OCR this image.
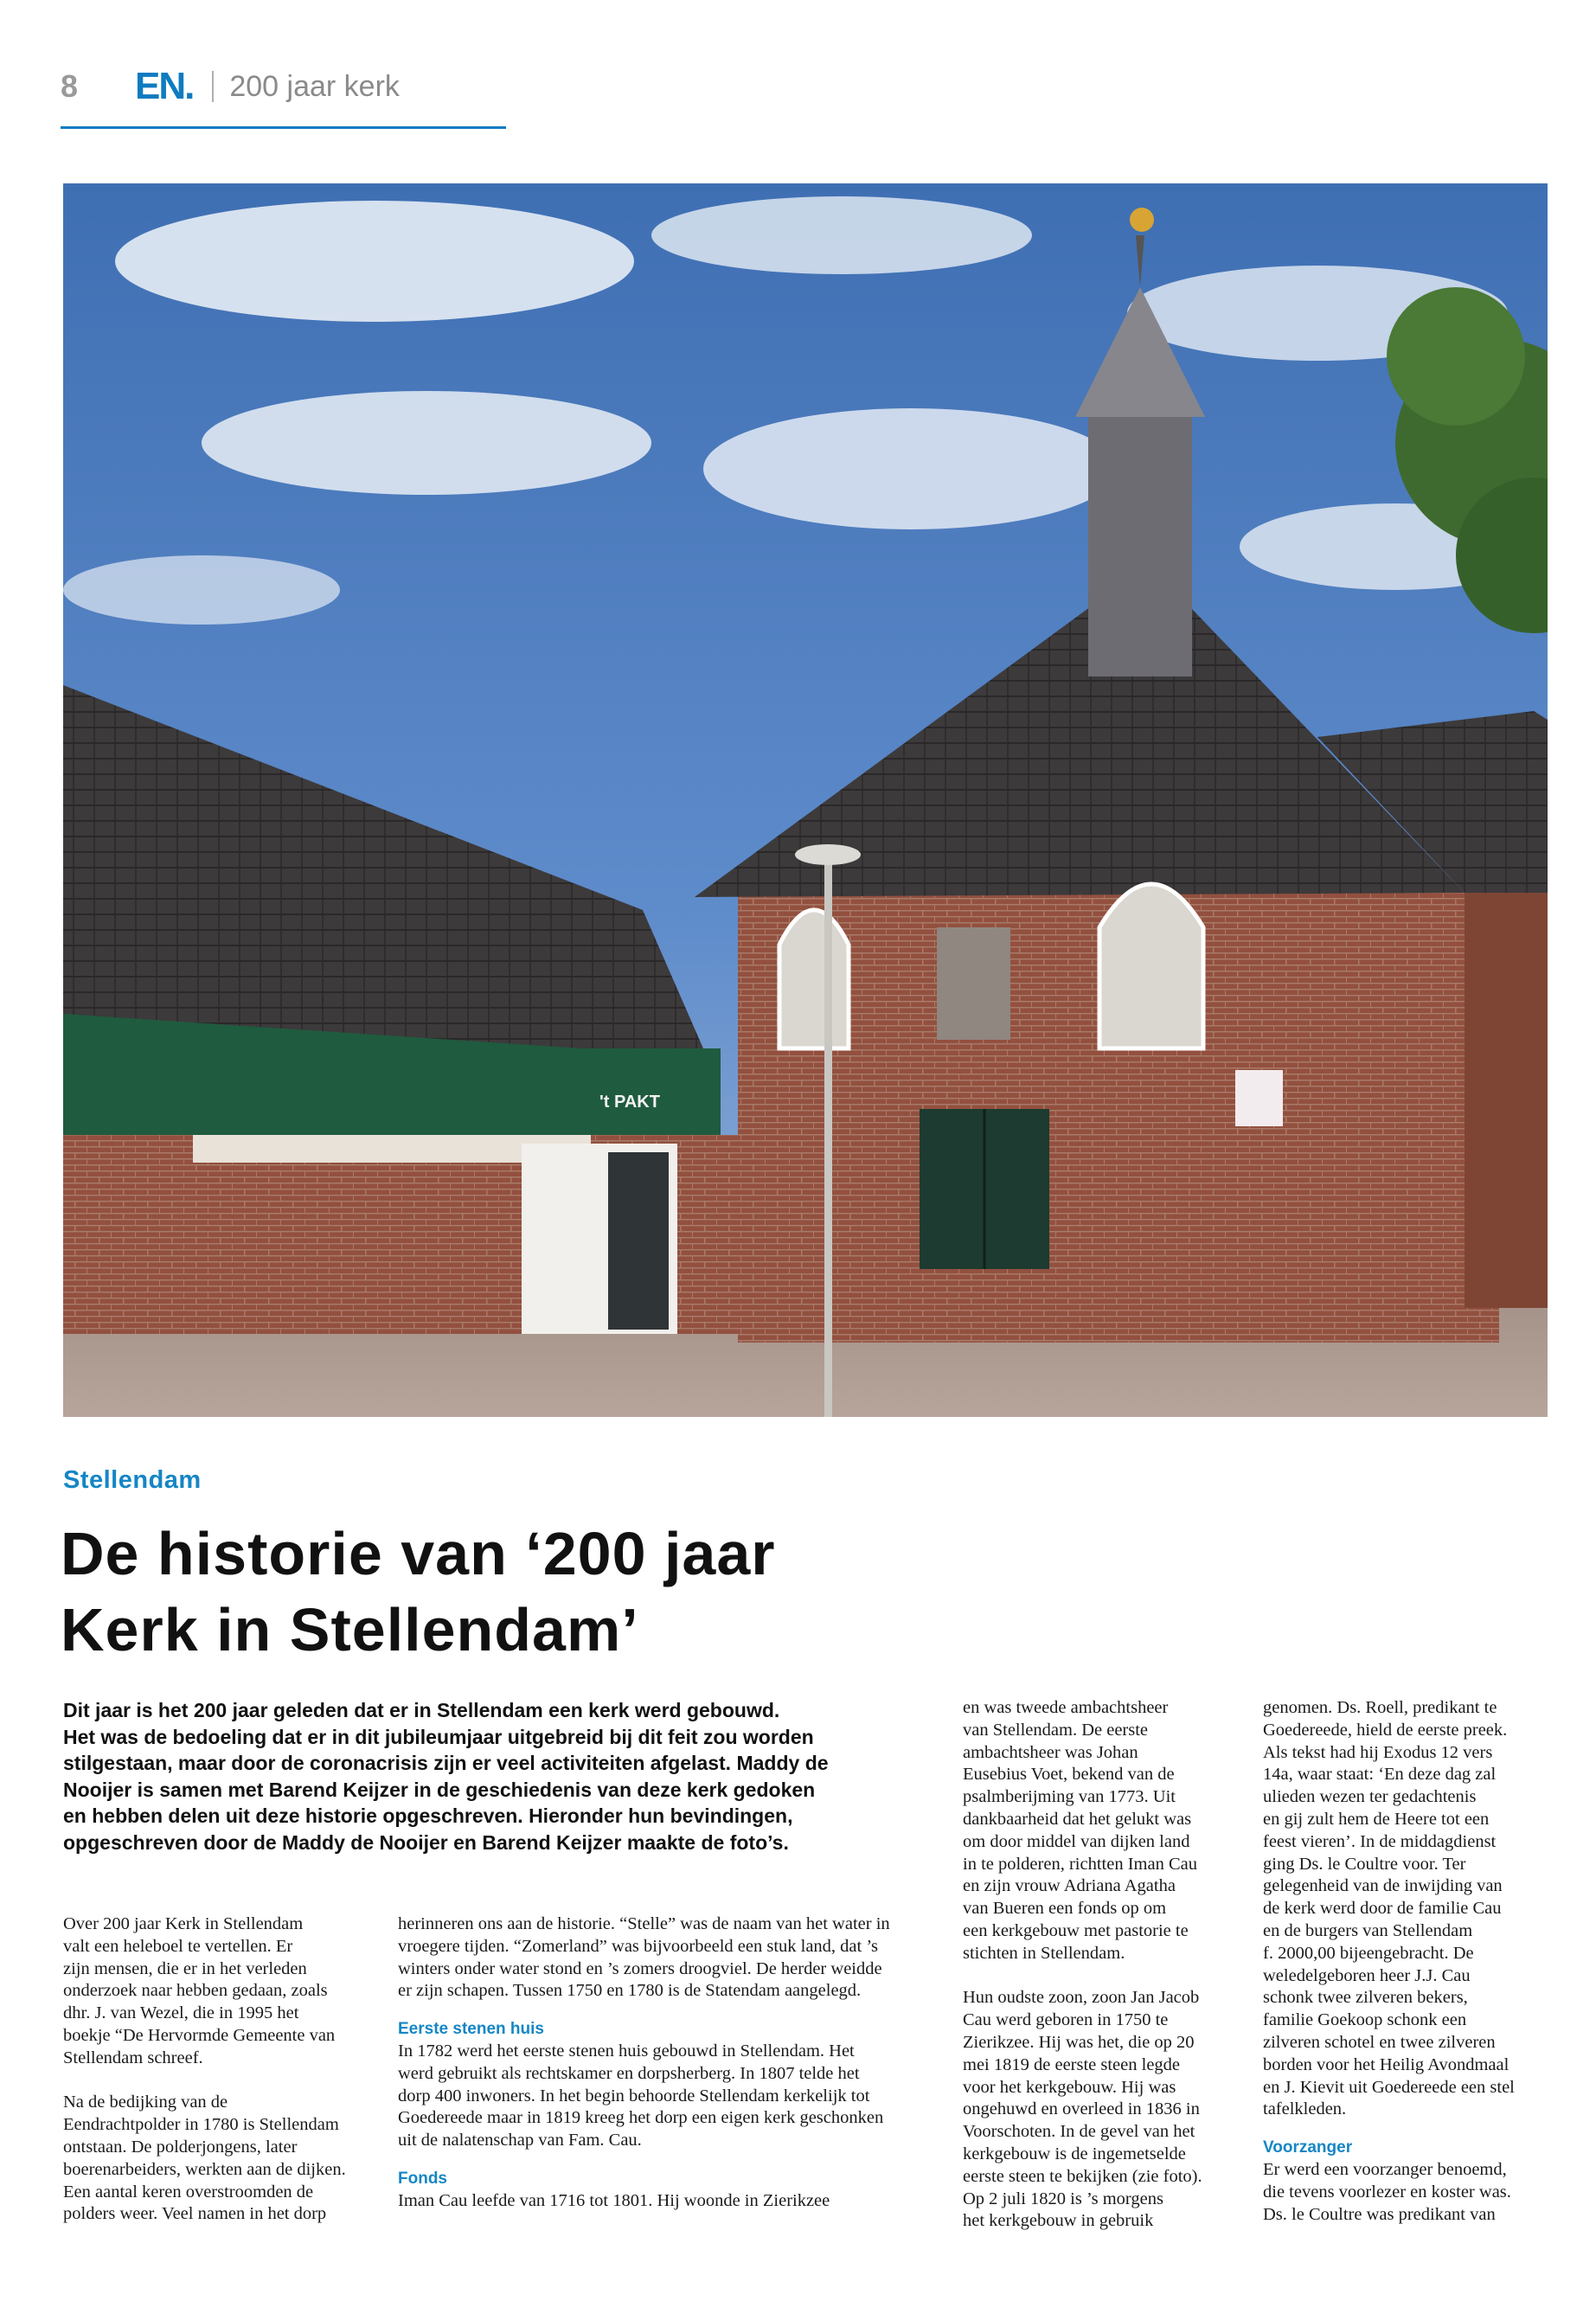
8	EN. 200 jaar kerk
't PAKT
Stellendam
De historie van ‘200 jaar
Kerk in Stellendam’

Dit jaar is het 200 jaar geleden dat er in Stellendam een kerk werd gebouwd.
Het was de bedoeling dat er in dit jubileumjaar uitgebreid bij dit feit zou worden
stilgestaan, maar door de coronacrisis zijn er veel activiteiten afgelast. Maddy de
Nooijer is samen met Barend Keijzer in de geschiedenis van deze kerk gedoken
en hebben delen uit deze historie opgeschreven. Hieronder hun bevindingen,
opgeschreven door de Maddy de Nooijer en Barend Keijzer maakte de foto’s.

Over 200 jaar Kerk in Stellendam
valt een heleboel te vertellen. Er
zijn mensen, die er in het verleden
onderzoek naar hebben gedaan, zoals
dhr. J. van Wezel, die in 1995 het
boekje “De Hervormde Gemeente van
Stellendam schreef.

Na de bedijking van de
Eendrachtpolder in 1780 is Stellendam
ontstaan. De polderjongens, later
boerenarbeiders, werkten aan de dijken.
Een aantal keren overstroomden de
polders weer. Veel namen in het dorp

herinneren ons aan de historie. “Stelle” was de naam van het water in
vroegere tijden. “Zomerland” was bijvoorbeeld een stuk land, dat ’s
winters onder water stond en ’s zomers droogviel. De herder weidde
er zijn schapen. Tussen 1750 en 1780 is de Statendam aangelegd.

Eerste stenen huis

In 1782 werd het eerste stenen huis gebouwd in Stellendam. Het
werd gebruikt als rechtskamer en dorpsherberg. In 1807 telde het
dorp 400 inwoners. In het begin behoorde Stellendam kerkelijk tot
Goedereede maar in 1819 kreeg het dorp een eigen kerk geschonken
uit de nalatenschap van Fam. Cau.

Fonds

Iman Cau leefde van 1716 tot 1801. Hij woonde in Zierikzee

en was tweede ambachtsheer
van Stellendam. De eerste
ambachtsheer was Johan
Eusebius Voet, bekend van de
psalmberijming van 1773. Uit
dankbaarheid dat het gelukt was
om door middel van dijken land
in te polderen, richtten Iman Cau
en zijn vrouw Adriana Agatha
van Bueren een fonds op om
een kerkgebouw met pastorie te
stichten in Stellendam.

Hun oudste zoon, zoon Jan Jacob
Cau werd geboren in 1750 te
Zierikzee. Hij was het, die op 20
mei 1819 de eerste steen legde
voor het kerkgebouw. Hij was
ongehuwd en overleed in 1836 in
Voorschoten. In de gevel van het
kerkgebouw is de ingemetselde
eerste steen te bekijken (zie foto).
Op 2 juli 1820 is ’s morgens
het kerkgebouw in gebruik

genomen. Ds. Roell, predikant te
Goedereede, hield de eerste preek.
Als tekst had hij Exodus 12 vers
14a, waar staat: ‘En deze dag zal
ulieden wezen ter gedachtenis
en gij zult hem de Heere tot een
feest vieren’. In de middagdienst
ging Ds. le Coultre voor. Ter
gelegenheid van de inwijding van
de kerk werd door de familie Cau
en de burgers van Stellendam
f. 2000,00 bijeengebracht. De
weledelgeboren heer J.J. Cau
schonk twee zilveren bekers,
familie Goekoop schonk een
zilveren schotel en twee zilveren
borden voor het Heilig Avondmaal
en J. Kievit uit Goedereede een stel
tafelkleden.

Voorzanger

Er werd een voorzanger benoemd,
die tevens voorlezer en koster was.
Ds. le Coultre was predikant van
